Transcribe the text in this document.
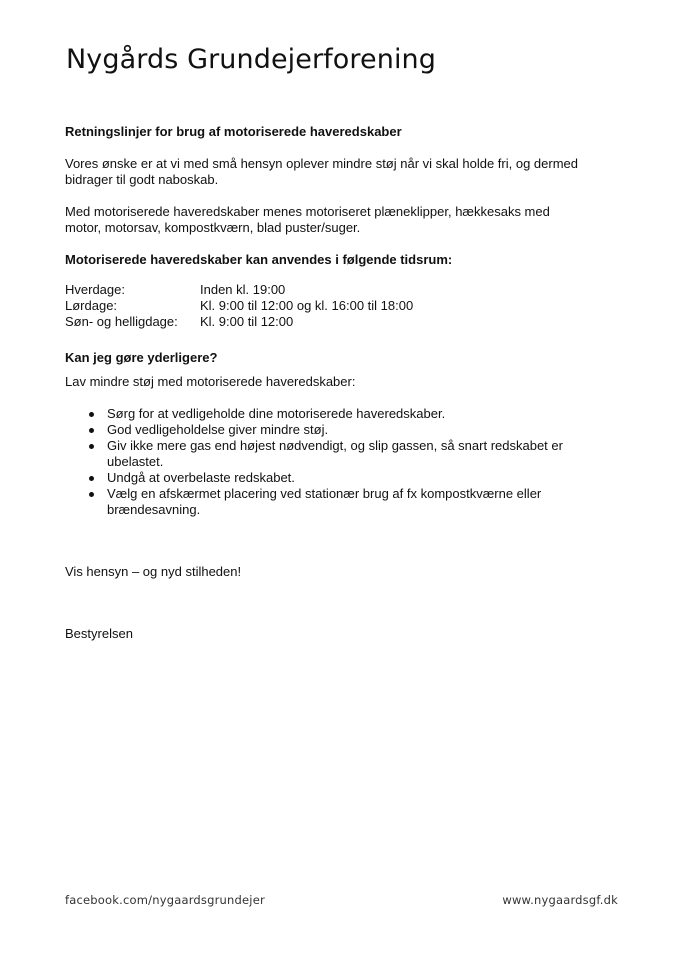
Nygårds Grundejerforening

Retningslinjer for brug af motoriserede haveredskaber

Vores ønske er at vi med små hensyn oplever mindre støj når vi skal holde fri, og dermed

bidrager til godt naboskab.

Med motoriserede haveredskaber menes motoriseret plæneklipper, hækkesaks med

motor, motorsav, kompostkværn, blad puster/suger.

Motoriserede haveredskaber kan anvendes i følgende tidsrum:

Hverdage:	Inden kl. 19:00
Lørdage:	Kl. 9:00 til 12:00 og kl. 16:00 til 18:00
Søn- og helligdage:	Kl. 9:00 til 12:00

Kan jeg gøre yderligere?

Lav mindre støj med motoriserede haveredskaber:

Sørg for at vedligeholde dine motoriserede haveredskaber.
God vedligeholdelse giver mindre støj.
Giv ikke mere gas end højest nødvendigt, og slip gassen, så snart redskabet er
ubelastet.
Undgå at overbelaste redskabet.
Vælg en afskærmet placering ved stationær brug af fx kompostkværne eller
brændesavning.

Vis hensyn – og nyd stilheden!

Bestyrelsen

facebook.com/nygaardsgrundejer	www.nygaardsgf.dk
